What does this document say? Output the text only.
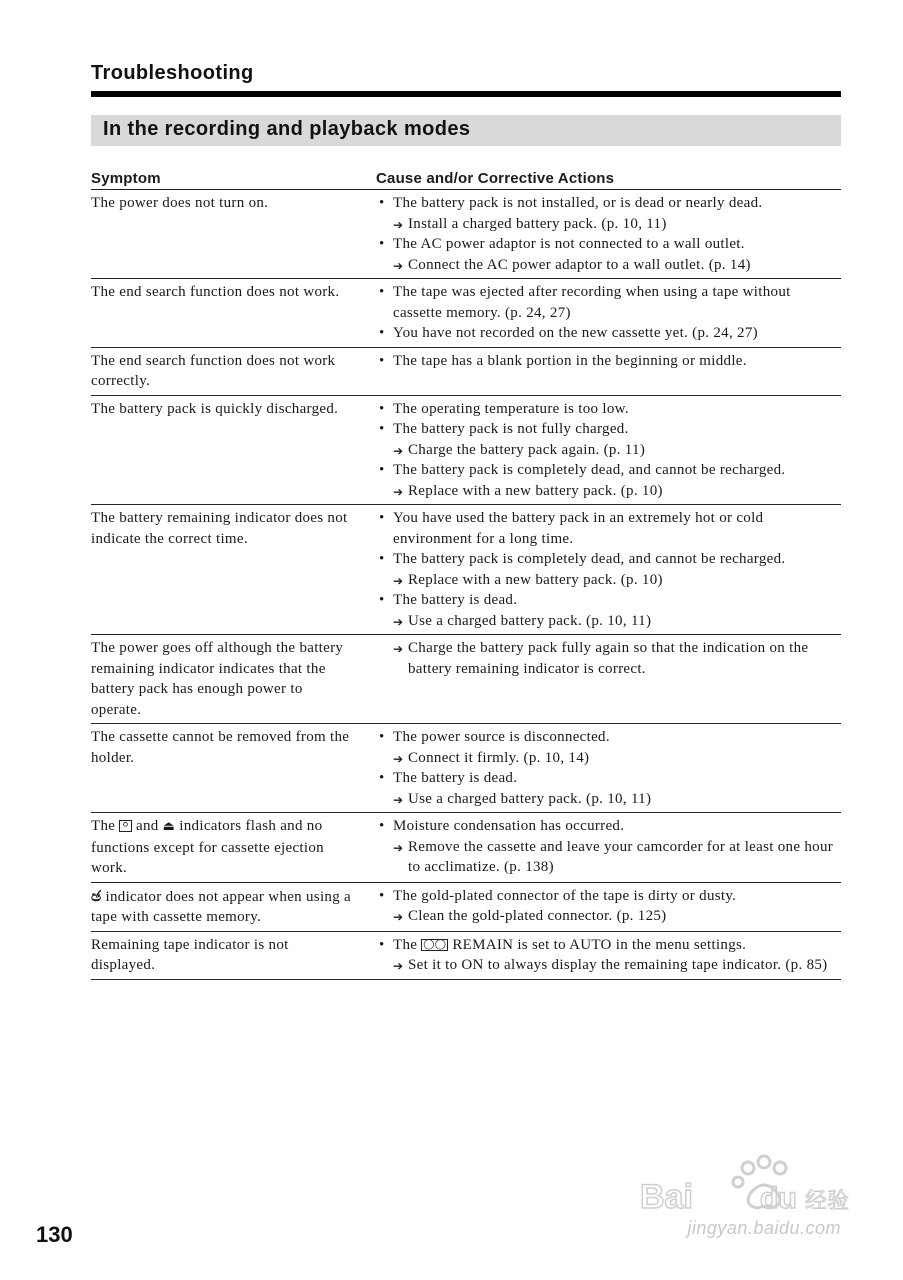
Troubleshooting
In the recording and playback modes
Symptom	Cause and/or Corrective Actions
The power does not turn on.	• The battery pack is not installed, or is dead or nearly dead.
➔ Install a charged battery pack. (p. 10, 11)
• The AC power adaptor is not connected to a wall outlet.
➔ Connect the AC power adaptor to a wall outlet. (p. 14)

The end search function does not work.	• The tape was ejected after recording when using a tape without cassette memory. (p. 24, 27)
• You have not recorded on the new cassette yet. (p. 24, 27)

The end search function does not work correctly.	• The tape has a blank portion in the beginning or middle.

The battery pack is quickly discharged.	• The operating temperature is too low.
• The battery pack is not fully charged.
➔ Charge the battery pack again. (p. 11)
• The battery pack is completely dead, and cannot be recharged.
➔ Replace with a new battery pack. (p. 10)

The battery remaining indicator does not indicate the correct time.	• You have used the battery pack in an extremely hot or cold environment for a long time.
• The battery pack is completely dead, and cannot be recharged.
➔ Replace with a new battery pack. (p. 10)
• The battery is dead.
➔ Use a charged battery pack. (p. 10, 11)

The power goes off although the battery remaining indicator indicates that the battery pack has enough power to operate.	➔ Charge the battery pack fully again so that the indication on the battery remaining indicator is correct.

The cassette cannot be removed from the holder.	• The power source is disconnected.
➔ Connect it firmly. (p. 10, 14)
• The battery is dead.
➔ Use a charged battery pack. (p. 10, 11)

The ⚪ and ⏏ indicators flash and no functions except for cassette ejection work.	• Moisture condensation has occurred.
➔ Remove the cassette and leave your camcorder for at least one hour to acclimatize. (p. 138)

ඡ indicator does not appear when using a tape with cassette memory.	• The gold-plated connector of the tape is dirty or dusty.
➔ Clean the gold-plated connector. (p. 125)

Remaining tape indicator is not displayed.	• The ◯◯ REMAIN is set to AUTO in the menu settings.
➔ Set it to ON to always display the remaining tape indicator. (p. 85)
130
Bai du 经验
jingyan.baidu.com
